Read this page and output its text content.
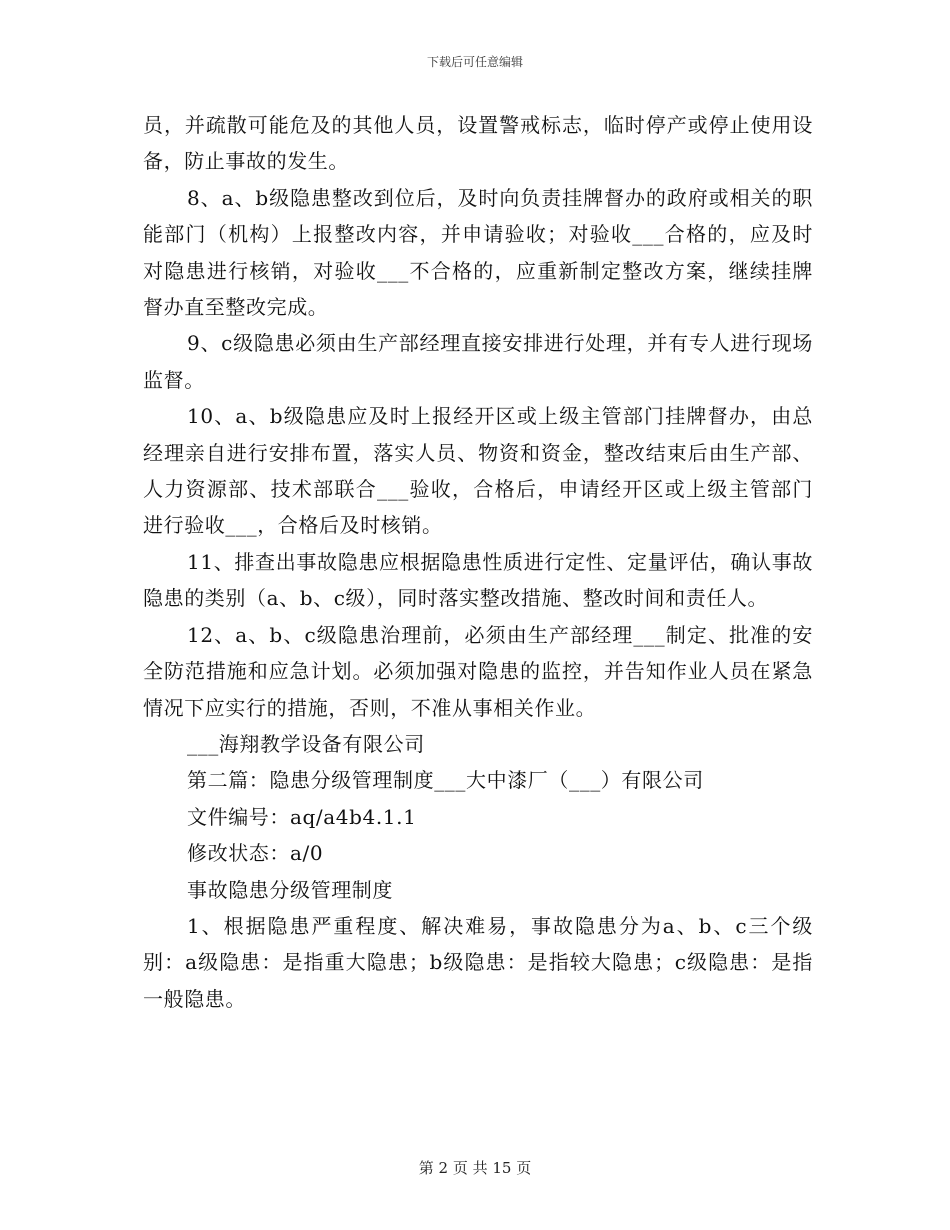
下载后可任意编辑

员，并疏散可能危及的其他人员，设置警戒标志，临时停产或停止使用设备，防止事故的发生。

8、a、b级隐患整改到位后，及时向负责挂牌督办的政府或相关的职能部门（机构）上报整改内容，并申请验收；对验收___合格的，应及时对隐患进行核销，对验收___不合格的，应重新制定整改方案，继续挂牌督办直至整改完成。

9、c级隐患必须由生产部经理直接安排进行处理，并有专人进行现场监督。

10、a、b级隐患应及时上报经开区或上级主管部门挂牌督办，由总经理亲自进行安排布置，落实人员、物资和资金，整改结束后由生产部、人力资源部、技术部联合___验收，合格后，申请经开区或上级主管部门进行验收___，合格后及时核销。

11、排查出事故隐患应根据隐患性质进行定性、定量评估，确认事故隐患的类别（a、b、c级），同时落实整改措施、整改时间和责任人。

12、a、b、c级隐患治理前，必须由生产部经理___制定、批准的安全防范措施和应急计划。必须加强对隐患的监控，并告知作业人员在紧急情况下应实行的措施，否则，不准从事相关作业。

___海翔教学设备有限公司

第二篇：隐患分级管理制度___大中漆厂（___）有限公司

文件编号：aq/a4b4.1.1

修改状态：a/0

事故隐患分级管理制度

1、根据隐患严重程度、解决难易，事故隐患分为a、b、c三个级别：a级隐患：是指重大隐患；b级隐患：是指较大隐患；c级隐患：是指一般隐患。

第 2 页 共 15 页
